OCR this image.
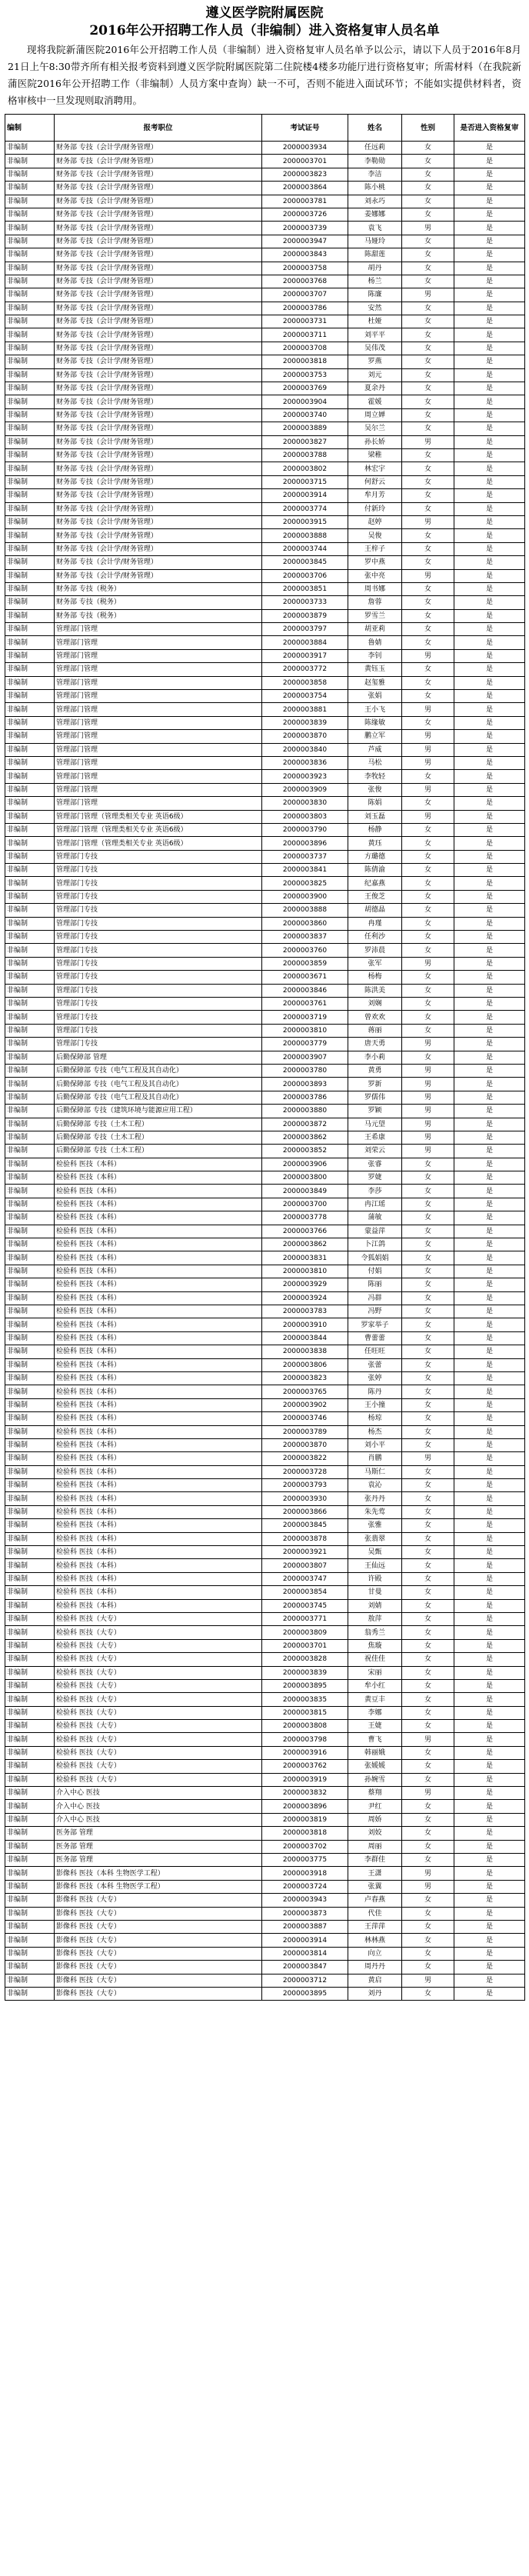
遵义医学院附属医院
2016年公开招聘工作人员（非编制）进入资格复审人员名单

现将我院新蒲医院2016年公开招聘工作人员（非编制）进入资格复审人员名单予以公示，请以下人员于2016年8月21日上午8:30带齐所有相关报考资料到遵义医学院附属医院第二住院楼4楼多功能厅进行资格复审；所需材料（在我院新蒲医院2016年公开招聘工作（非编制）人员方案中查询）缺一不可，否则不能进入面试环节；不能如实提供材料者，资格审核中一旦发现则取消聘用。

编制	报考职位	考试证号	姓名	性别	是否进入资格复审
非编制	财务部 专技（会计学/财务管理）	2000003934	任远莉	女	是
非编制	财务部 专技（会计学/财务管理）	2000003701	李勒勋	女	是
非编制	财务部 专技（会计学/财务管理）	2000003823	李洁	女	是
非编制	财务部 专技（会计学/财务管理）	2000003864	陈小桃	女	是
非编制	财务部 专技（会计学/财务管理）	2000003781	刘永巧	女	是
非编制	财务部 专技（会计学/财务管理）	2000003726	姜娜娜	女	是
非编制	财务部 专技（会计学/财务管理）	2000003739	袁飞	男	是
非编制	财务部 专技（会计学/财务管理）	2000003947	马娅玲	女	是
非编制	财务部 专技（会计学/财务管理）	2000003843	陈甜莲	女	是
非编制	财务部 专技（会计学/财务管理）	2000003758	胡丹	女	是
非编制	财务部 专技（会计学/财务管理）	2000003768	杨兰	女	是
非编制	财务部 专技（会计学/财务管理）	2000003707	陈廉	男	是
非编制	财务部 专技（会计学/财务管理）	2000003786	安然	女	是
非编制	财务部 专技（会计学/财务管理）	2000003731	杜娅	女	是
非编制	财务部 专技（会计学/财务管理）	2000003711	刘平平	女	是
非编制	财务部 专技（会计学/财务管理）	2000003708	吴伟茂	女	是
非编制	财务部 专技（会计学/财务管理）	2000003818	罗燕	女	是
非编制	财务部 专技（会计学/财务管理）	2000003753	刘元	女	是
非编制	财务部 专技（会计学/财务管理）	2000003769	夏余丹	女	是
非编制	财务部 专技（会计学/财务管理）	2000003904	霍媛	女	是
非编制	财务部 专技（会计学/财务管理）	2000003740	周立婵	女	是
非编制	财务部 专技（会计学/财务管理）	2000003889	吴尔兰	女	是
非编制	财务部 专技（会计学/财务管理）	2000003827	孙长娇	男	是
非编制	财务部 专技（会计学/财务管理）	2000003788	梁稚	女	是
非编制	财务部 专技（会计学/财务管理）	2000003802	林宏宇	女	是
非编制	财务部 专技（会计学/财务管理）	2000003715	何舒云	女	是
非编制	财务部 专技（会计学/财务管理）	2000003914	牟月芳	女	是
非编制	财务部 专技（会计学/财务管理）	2000003774	付新玲	女	是
非编制	财务部 专技（会计学/财务管理）	2000003915	赵婷	男	是
非编制	财务部 专技（会计学/财务管理）	2000003888	吴俊	女	是
非编制	财务部 专技（会计学/财务管理）	2000003744	王梓子	女	是
非编制	财务部 专技（会计学/财务管理）	2000003845	罗中燕	女	是
非编制	财务部 专技（会计学/财务管理）	2000003706	张中亮	男	是
非编制	财务部 专技（税务）	2000003851	周书娜	女	是
非编制	财务部 专技（税务）	2000003733	詹蓉	女	是
非编制	财务部 专技（税务）	2000003879	罗雪兰	女	是
非编制	管理部门管理	2000003797	胡亚莉	女	是
非编制	管理部门管理	2000003884	鲁婧	女	是
非编制	管理部门管理	2000003917	李钊	男	是
非编制	管理部门管理	2000003772	黄钰玉	女	是
非编制	管理部门管理	2000003858	赵玺雅	女	是
非编制	管理部门管理	2000003754	张娟	女	是
非编制	管理部门管理	2000003881	王小飞	男	是
非编制	管理部门管理	2000003839	陈缘敏	女	是
非编制	管理部门管理	2000003870	鹏立军	男	是
非编制	管理部门管理	2000003840	芦威	男	是
非编制	管理部门管理	2000003836	马松	男	是
非编制	管理部门管理	2000003923	李牧轻	女	是
非编制	管理部门管理	2000003909	张俊	男	是
非编制	管理部门管理	2000003830	陈娟	女	是
非编制	管理部门管理（管理类相关专业 英语6级）	2000003803	刘玉磊	男	是
非编制	管理部门管理（管理类相关专业 英语6级）	2000003790	杨静	女	是
非编制	管理部门管理（管理类相关专业 英语6级）	2000003896	黄珏	女	是
非编制	管理部门专技	2000003737	方璐德	女	是
非编制	管理部门专技	2000003841	陈倩渝	女	是
非编制	管理部门专技	2000003825	纪嘉燕	女	是
非编制	管理部门专技	2000003900	王俊芝	女	是
非编制	管理部门专技	2000003888	胡德晶	女	是
非编制	管理部门专技	2000003860	冉瑾	女	是
非编制	管理部门专技	2000003837	任利沙	女	是
非编制	管理部门专技	2000003760	罗沛晨	女	是
非编制	管理部门专技	2000003859	张军	男	是
非编制	管理部门专技	2000003671	杨梅	女	是
非编制	管理部门专技	2000003846	陈洪美	女	是
非编制	管理部门专技	2000003761	刘娴	女	是
非编制	管理部门专技	2000003719	曾欢欢	女	是
非编制	管理部门专技	2000003810	蒋丽	女	是
非编制	管理部门专技	2000003779	唐天勇	男	是
非编制	后勤保障部 管理	2000003907	李小莉	女	是
非编制	后勤保障部 专技（电气工程及其自动化）	2000003780	黄勇	男	是
非编制	后勤保障部 专技（电气工程及其自动化）	2000003893	罗新	男	是
非编制	后勤保障部 专技（电气工程及其自动化）	2000003786	罗儒伟	男	是
非编制	后勤保障部 专技（建筑环境与能源应用工程）	2000003880	罗颖	男	是
非编制	后勤保障部 专技（土木工程）	2000003872	马元望	男	是
非编制	后勤保障部 专技（土木工程）	2000003862	王希康	男	是
非编制	后勤保障部 专技（土木工程）	2000003852	刘荣云	男	是
非编制	检验科 医技（本科）	2000003906	张睿	女	是
非编制	检验科 医技（本科）	2000003800	罗婕	女	是
非编制	检验科 医技（本科）	2000003849	李莎	女	是
非编制	检验科 医技（本科）	2000003700	冉江瑶	女	是
非编制	检验科 医技（本科）	2000003778	蒲敏	女	是
非编制	检验科 医技（本科）	2000003766	蒙益萍	女	是
非编制	检验科 医技（本科）	2000003862	卜江鸽	女	是
非编制	检验科 医技（本科）	2000003831	令狐娟娟	女	是
非编制	检验科 医技（本科）	2000003810	付娟	女	是
非编制	检验科 医技（本科）	2000003929	陈丽	女	是
非编制	检验科 医技（本科）	2000003924	冯群	女	是
非编制	检验科 医技（本科）	2000003783	冯野	女	是
非编制	检验科 医技（本科）	2000003910	罗家举子	女	是
非编制	检验科 医技（本科）	2000003844	曹蕾蕾	女	是
非编制	检验科 医技（本科）	2000003838	任旺旺	女	是
非编制	检验科 医技（本科）	2000003806	张蕾	女	是
非编制	检验科 医技（本科）	2000003823	张婷	女	是
非编制	检验科 医技（本科）	2000003765	陈丹	女	是
非编制	检验科 医技（本科）	2000003902	王小撞	女	是
非编制	检验科 医技（本科）	2000003746	杨琼	女	是
非编制	检验科 医技（本科）	2000003789	杨杰	女	是
非编制	检验科 医技（本科）	2000003870	刘小平	女	是
非编制	检验科 医技（本科）	2000003822	肖鹏	男	是
非编制	检验科 医技（本科）	2000003728	马斯仁	女	是
非编制	检验科 医技（本科）	2000003793	袁沁	女	是
非编制	检验科 医技（本科）	2000003930	张丹丹	女	是
非编制	检验科 医技（本科）	2000003866	朱先莺	女	是
非编制	检验科 医技（本科）	2000003845	张雅	女	是
非编制	检验科 医技（本科）	2000003878	张翡翠	女	是
非编制	检验科 医技（本科）	2000003921	吴甄	女	是
非编制	检验科 医技（本科）	2000003807	王仙远	女	是
非编制	检验科 医技（本科）	2000003747	许殿	女	是
非编制	检验科 医技（本科）	2000003854	甘曼	女	是
非编制	检验科 医技（本科）	2000003745	刘婧	女	是
非编制	检验科 医技（大专）	2000003771	敖萍	女	是
非编制	检验科 医技（大专）	2000003809	翁秀兰	女	是
非编制	检验科 医技（大专）	2000003701	焦璇	女	是
非编制	检验科 医技（大专）	2000003828	祝佳佳	女	是
非编制	检验科 医技（大专）	2000003839	宋丽	女	是
非编制	检验科 医技（大专）	2000003895	牟小红	女	是
非编制	检验科 医技（大专）	2000003835	黄豆丰	女	是
非编制	检验科 医技（大专）	2000003815	李娜	女	是
非编制	检验科 医技（大专）	2000003808	王婕	女	是
非编制	检验科 医技（大专）	2000003798	曹飞	男	是
非编制	检验科 医技（大专）	2000003916	韩丽娥	女	是
非编制	检验科 医技（大专）	2000003762	张媛媛	女	是
非编制	检验科 医技（大专）	2000003919	孙婉雪	女	是
非编制	介入中心 医技	2000003832	蔡翔	男	是
非编制	介入中心 医技	2000003896	尹红	女	是
非编制	介入中心 医技	2000003819	周娇	女	是
非编制	医务部 管理	2000003818	刘姣	女	是
非编制	医务部 管理	2000003702	周丽	女	是
非编制	医务部 管理	2000003775	李群佳	女	是
非编制	影像科 医技（本科 生物医学工程）	2000003918	王潇	男	是
非编制	影像科 医技（本科 生物医学工程）	2000003724	张翼	男	是
非编制	影像科 医技（大专）	2000003943	卢春燕	女	是
非编制	影像科 医技（大专）	2000003873	代佳	女	是
非编制	影像科 医技（大专）	2000003887	王萍萍	女	是
非编制	影像科 医技（大专）	2000003914	林林燕	女	是
非编制	影像科 医技（大专）	2000003814	向立	女	是
非编制	影像科 医技（大专）	2000003847	周丹丹	女	是
非编制	影像科 医技（大专）	2000003712	黄启	男	是
非编制	影像科 医技（大专）	2000003895	刘丹	女	是
